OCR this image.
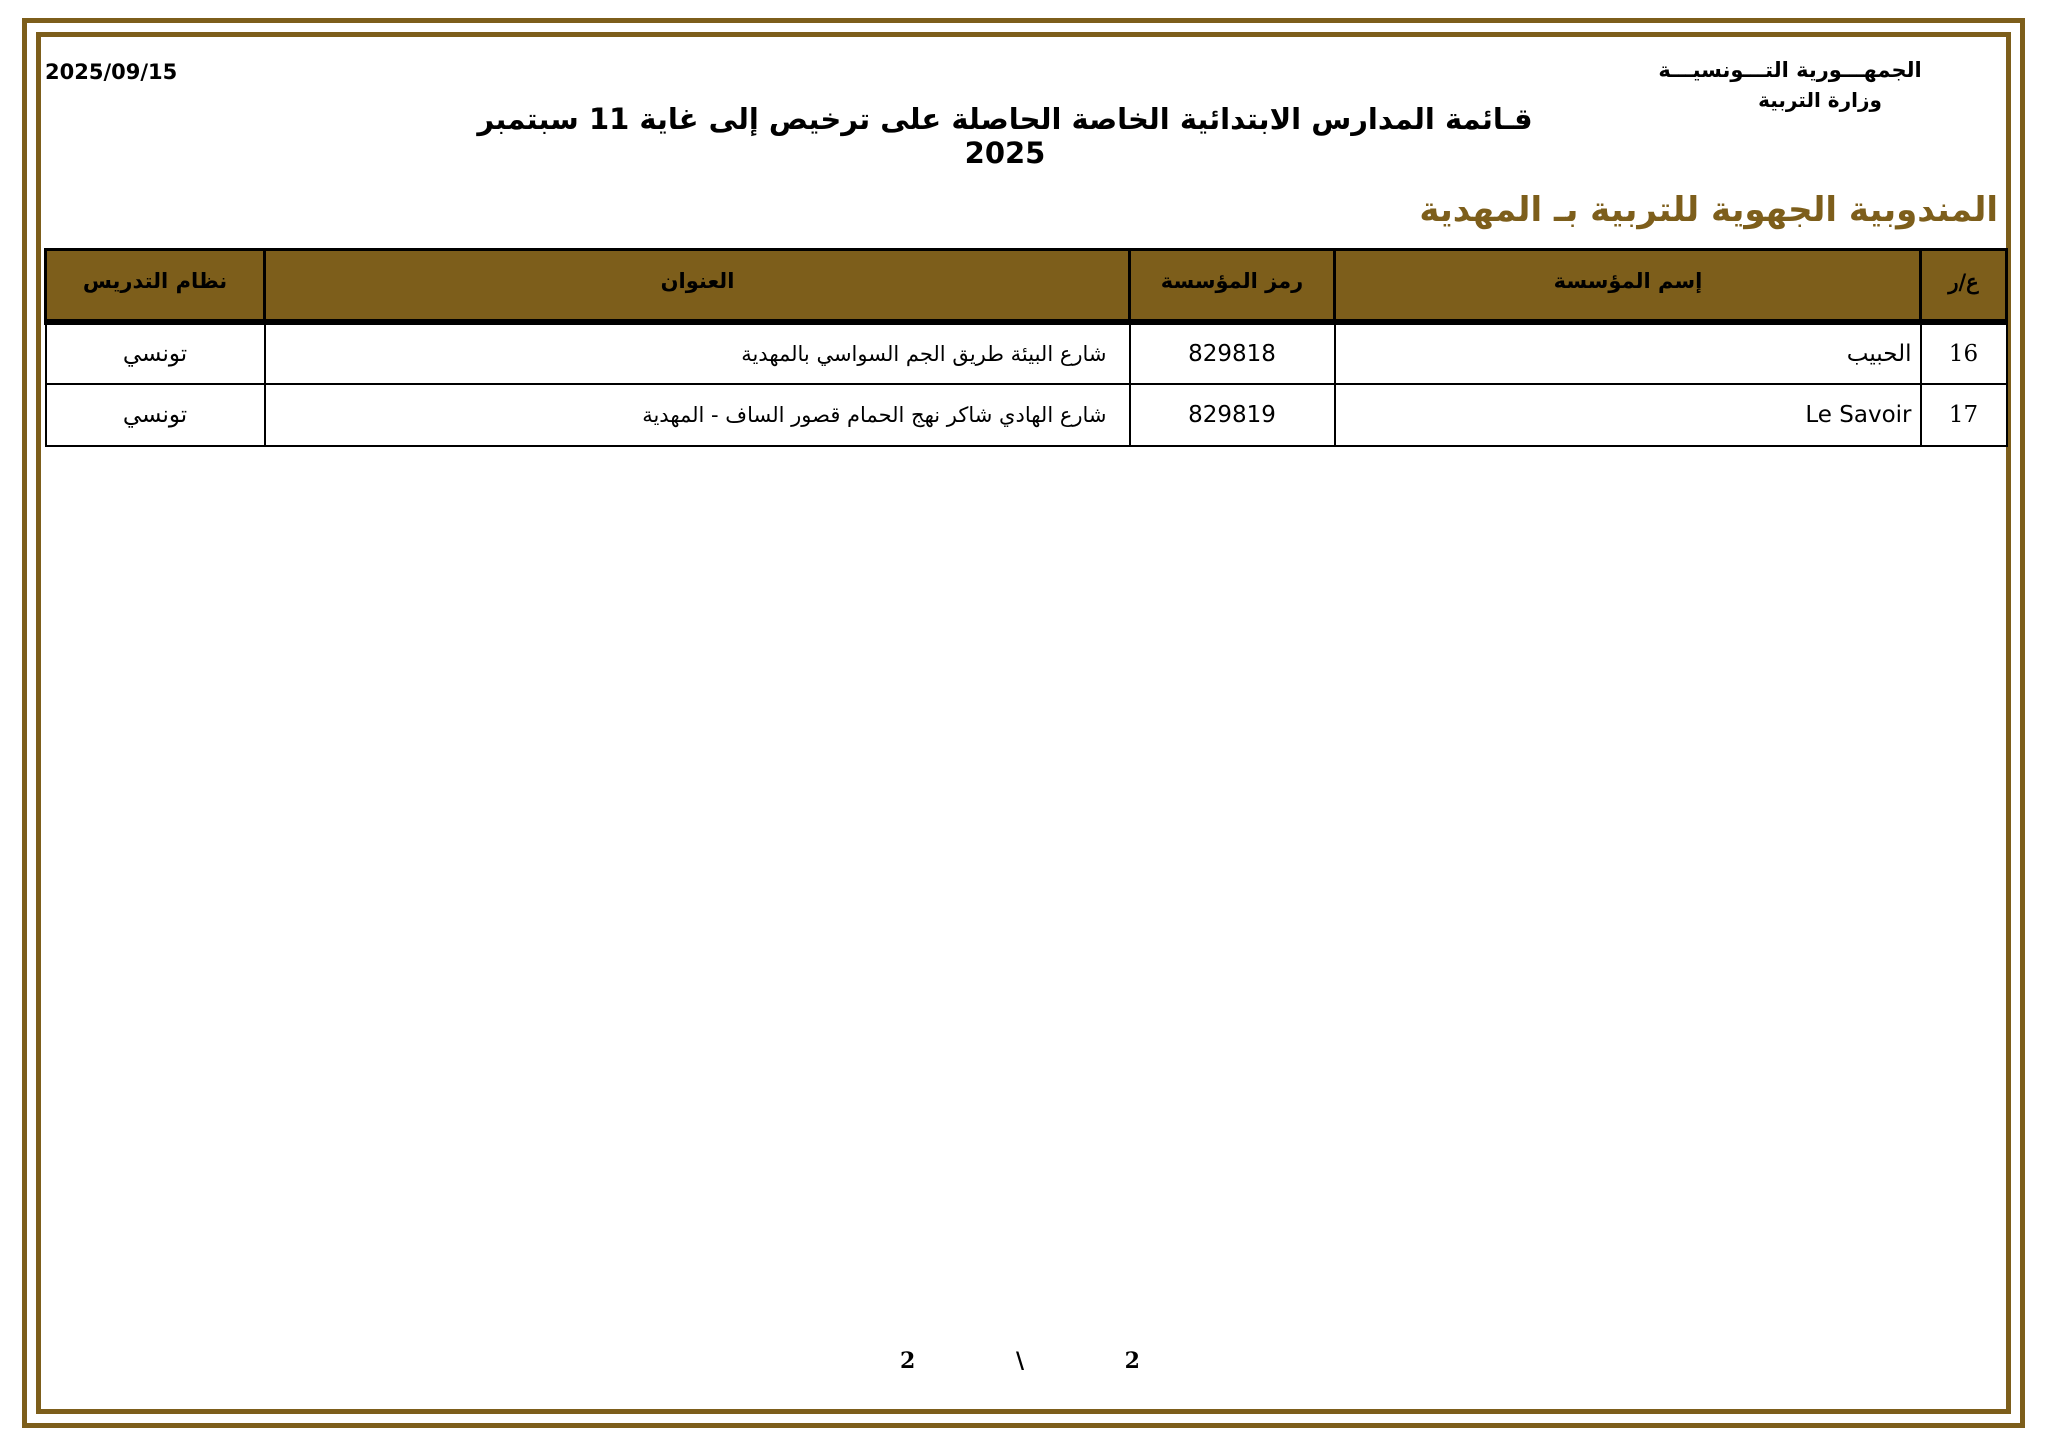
2025/09/15	الجمهـــورية التـــونسيـــة
وزارة التربية
قـائمة المدارس الابتدائية الخاصة الحاصلة على ترخيص إلى غاية 11 سبتمبر 2025
المندوبية الجهوية للتربية بـ المهدية
ع/ر	إسم المؤسسة	رمز المؤسسة	العنوان	نظام التدريس
16	الحبيب	829818	شارع البيئة طريق الجم السواسي بالمهدية	تونسي
17	Le Savoir	829819	شارع الهادي شاكر نهج الحمام قصور الساف - المهدية	تونسي
2	\	2
